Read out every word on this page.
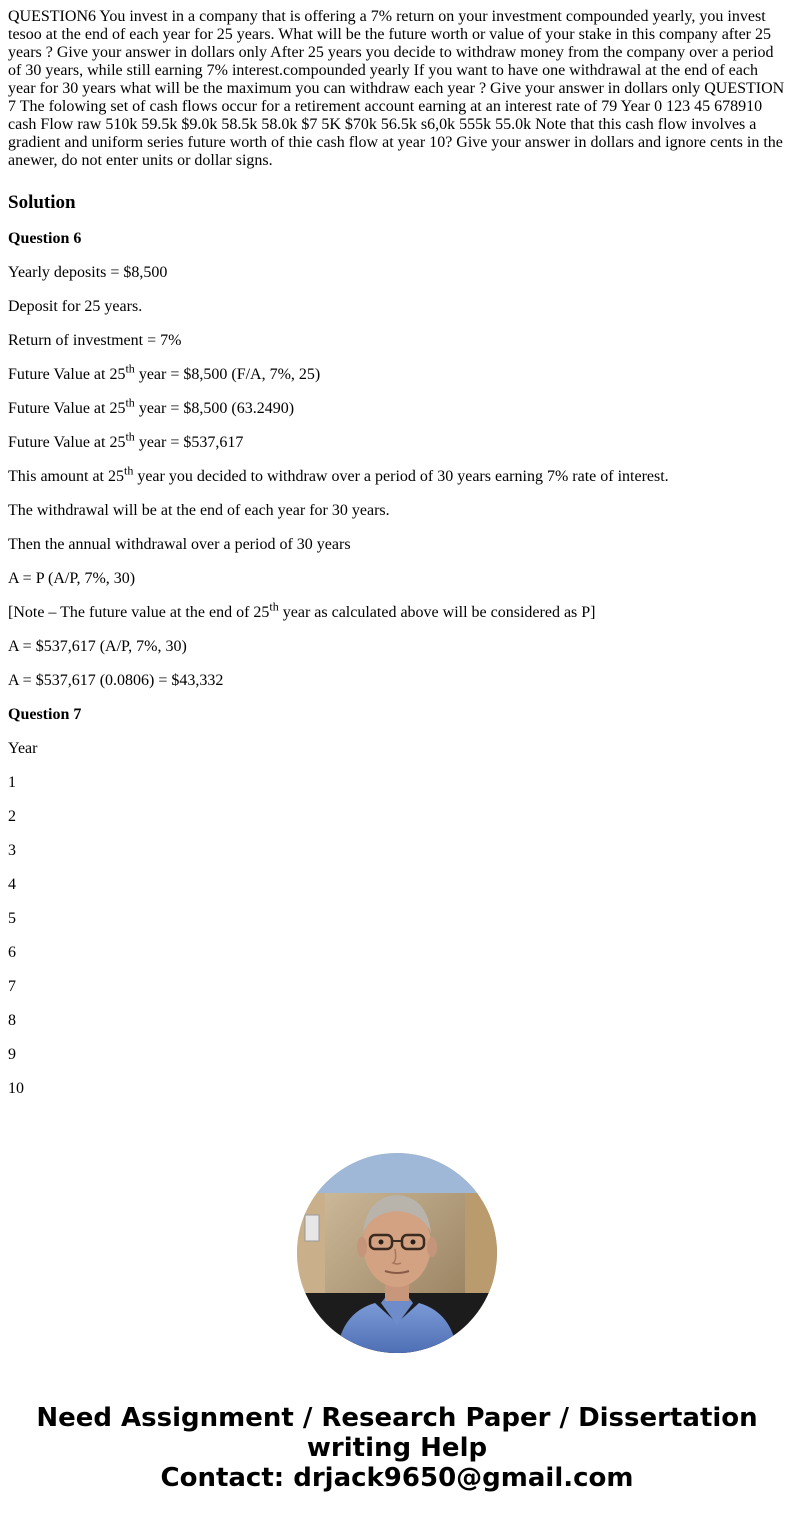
QUESTION6 You invest in a company that is offering a 7% return on your investment compounded yearly, you invest tesoo at the end of each year for 25 years. What will be the future worth or value of your stake in this company after 25 years ? Give your answer in dollars only After 25 years you decide to withdraw money from the company over a period of 30 years, while still earning 7% interest.compounded yearly If you want to have one withdrawal at the end of each year for 30 years what will be the maximum you can withdraw each year ? Give your answer in dollars only QUESTION 7 The folowing set of cash flows occur for a retirement account earning at an interest rate of 79 Year 0 123 45 678910 cash Flow raw 510k 59.5k $9.0k 58.5k 58.0k $7 5K $70k 56.5k s6,0k 555k 55.0k Note that this cash flow involves a gradient and uniform series future worth of thie cash flow at year 10? Give your answer in dollars and ignore cents in the anewer, do not enter units or dollar signs.

Solution

Question 6

Yearly deposits = $8,500

Deposit for 25 years.

Return of investment = 7%

Future Value at 25th year = $8,500 (F/A, 7%, 25)

Future Value at 25th year = $8,500 (63.2490)

Future Value at 25th year = $537,617

This amount at 25th year you decided to withdraw over a period of 30 years earning 7% rate of interest.

The withdrawal will be at the end of each year for 30 years.

Then the annual withdrawal over a period of 30 years

A = P (A/P, 7%, 30)

[Note – The future value at the end of 25th year as calculated above will be considered as P]

A = $537,617 (A/P, 7%, 30)

A = $537,617 (0.0806) = $43,332

Question 7

Year

1

2

3

4

5

6

7

8

9

10

Need Assignment / Research Paper / Dissertation
writing Help
Contact: drjack9650@gmail.com
